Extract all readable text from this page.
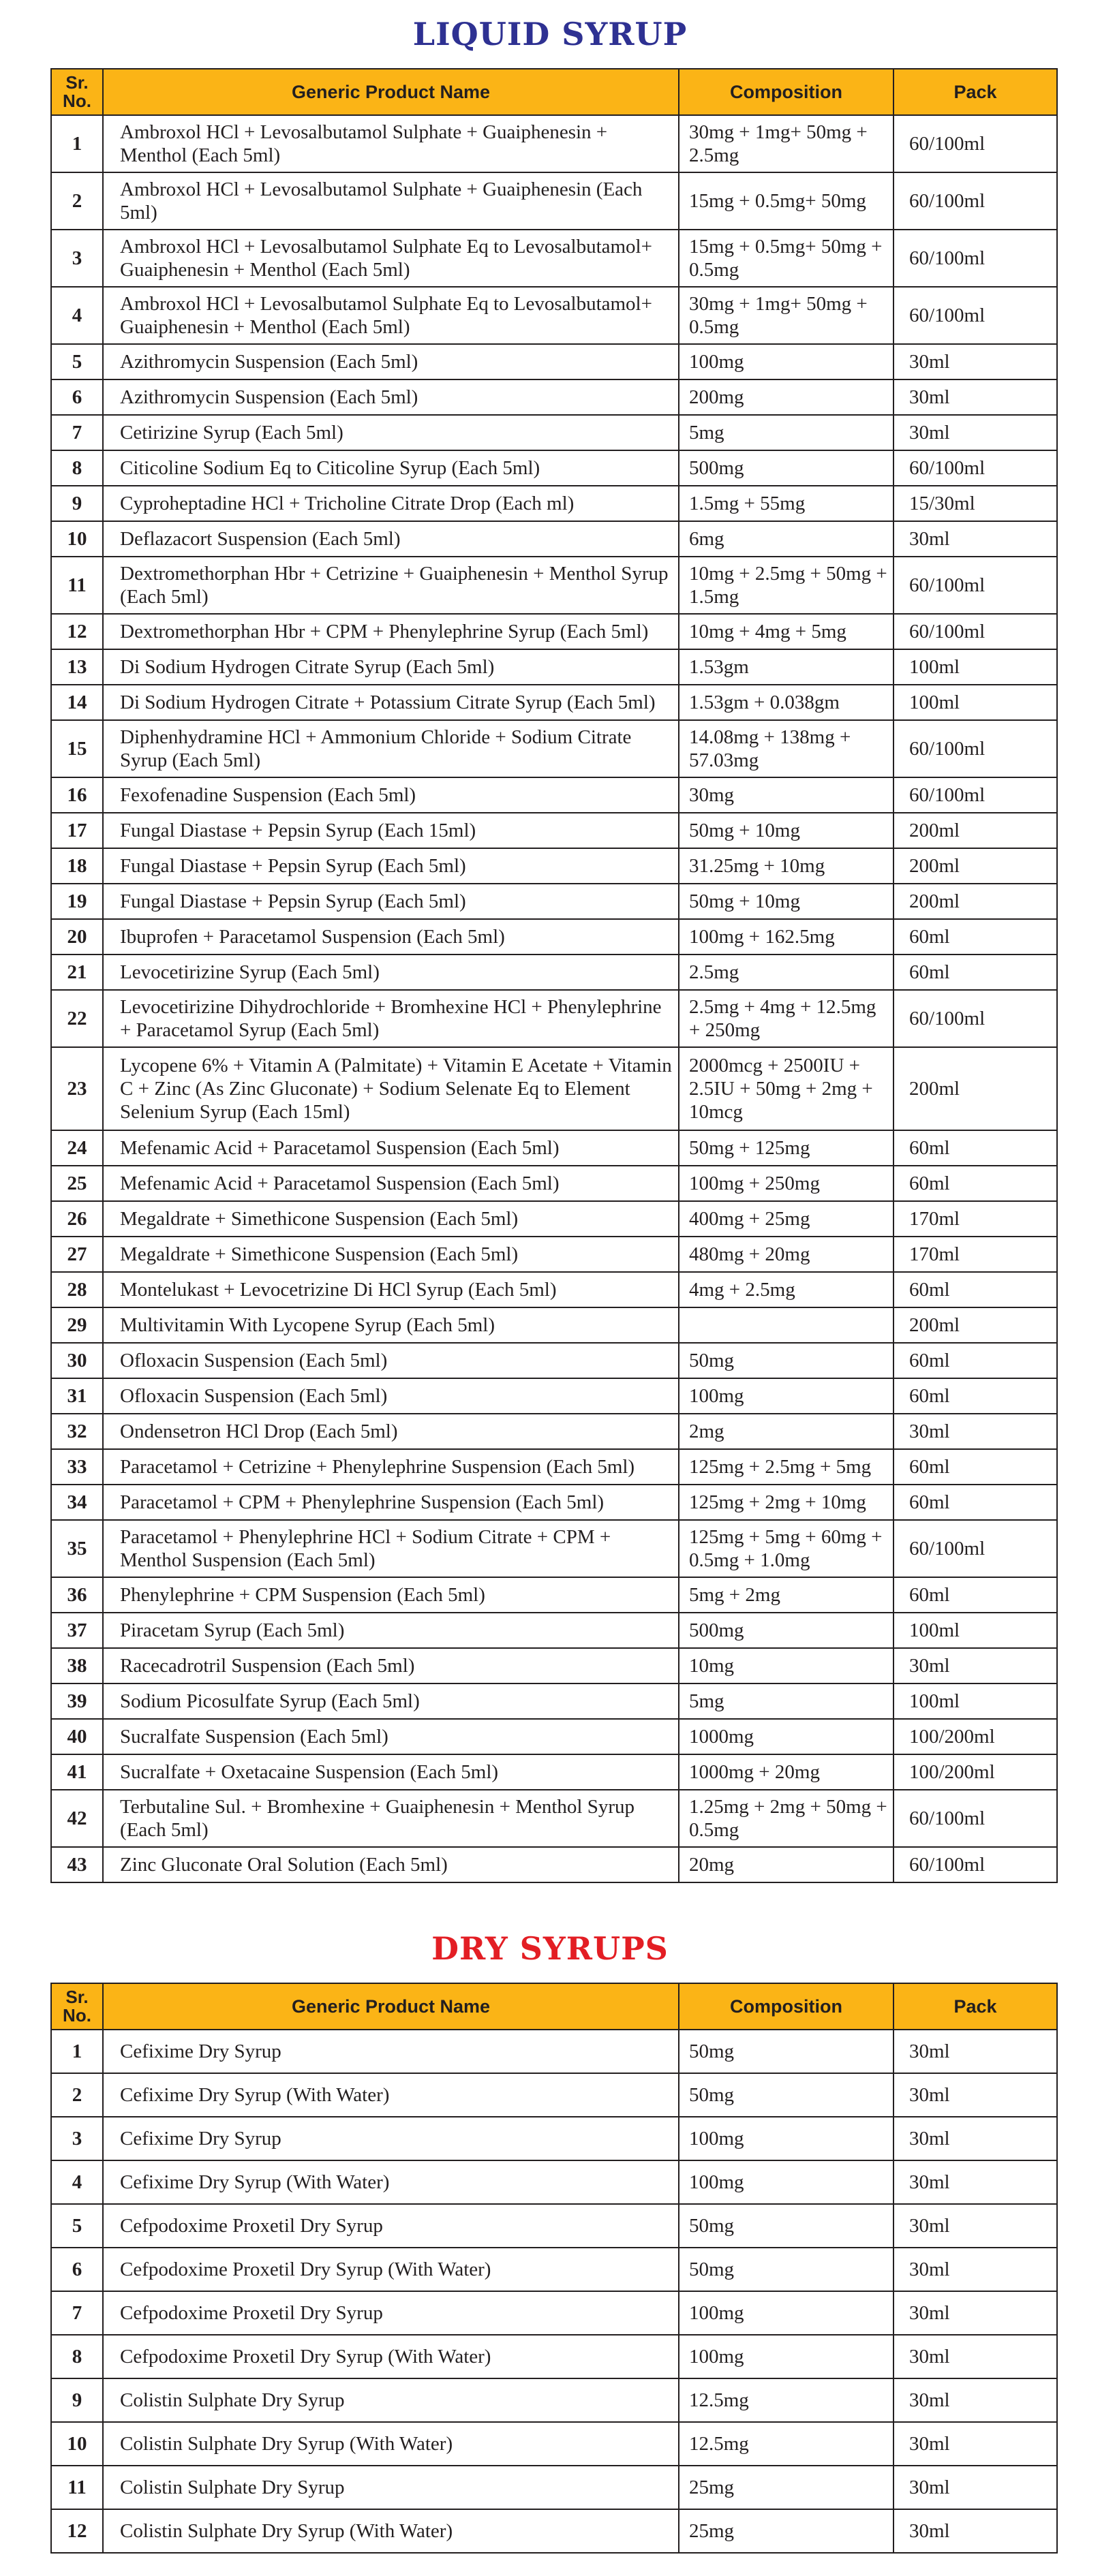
LIQUID SYRUP
Sr. No.	Generic Product Name	Composition	Pack
1	Ambroxol HCl + Levosalbutamol Sulphate + Guaiphenesin + Menthol (Each 5ml)	30mg + 1mg+ 50mg + 2.5mg	60/100ml
2	Ambroxol HCl + Levosalbutamol Sulphate + Guaiphenesin (Each 5ml)	15mg + 0.5mg+ 50mg	60/100ml
3	Ambroxol HCl + Levosalbutamol Sulphate Eq to Levosalbutamol+ Guaiphenesin + Menthol (Each 5ml)	15mg + 0.5mg+ 50mg + 0.5mg	60/100ml
4	Ambroxol HCl + Levosalbutamol Sulphate Eq to Levosalbutamol+ Guaiphenesin + Menthol (Each 5ml)	30mg + 1mg+ 50mg + 0.5mg	60/100ml
5	Azithromycin Suspension (Each 5ml)	100mg	30ml
6	Azithromycin Suspension (Each 5ml)	200mg	30ml
7	Cetirizine Syrup (Each 5ml)	5mg	30ml
8	Citicoline Sodium Eq to Citicoline Syrup (Each 5ml)	500mg	60/100ml
9	Cyproheptadine HCl + Tricholine Citrate Drop (Each ml)	1.5mg + 55mg	15/30ml
10	Deflazacort Suspension (Each 5ml)	6mg	30ml
11	Dextromethorphan Hbr + Cetrizine + Guaiphenesin + Menthol Syrup (Each 5ml)	10mg + 2.5mg + 50mg + 1.5mg	60/100ml
12	Dextromethorphan Hbr + CPM + Phenylephrine Syrup (Each 5ml)	10mg + 4mg + 5mg	60/100ml
13	Di Sodium Hydrogen Citrate Syrup (Each 5ml)	1.53gm	100ml
14	Di Sodium Hydrogen Citrate + Potassium Citrate Syrup (Each 5ml)	1.53gm + 0.038gm	100ml
15	Diphenhydramine HCl + Ammonium Chloride + Sodium Citrate Syrup (Each 5ml)	14.08mg + 138mg + 57.03mg	60/100ml
16	Fexofenadine Suspension (Each 5ml)	30mg	60/100ml
17	Fungal Diastase + Pepsin Syrup (Each 15ml)	50mg + 10mg	200ml
18	Fungal Diastase + Pepsin Syrup (Each 5ml)	31.25mg + 10mg	200ml
19	Fungal Diastase + Pepsin Syrup (Each 5ml)	50mg + 10mg	200ml
20	Ibuprofen + Paracetamol Suspension (Each 5ml)	100mg + 162.5mg	60ml
21	Levocetirizine Syrup (Each 5ml)	2.5mg	60ml
22	Levocetirizine Dihydrochloride + Bromhexine HCl + Phenylephrine + Paracetamol Syrup (Each 5ml)	2.5mg + 4mg + 12.5mg + 250mg	60/100ml
23	Lycopene 6% + Vitamin A (Palmitate) + Vitamin E Acetate + Vitamin C + Zinc (As Zinc Gluconate) + Sodium Selenate Eq to Element Selenium Syrup (Each 15ml)	2000mcg + 2500IU + 2.5IU + 50mg + 2mg + 10mcg	200ml
24	Mefenamic Acid + Paracetamol Suspension (Each 5ml)	50mg + 125mg	60ml
25	Mefenamic Acid + Paracetamol Suspension (Each 5ml)	100mg + 250mg	60ml
26	Megaldrate + Simethicone Suspension (Each 5ml)	400mg + 25mg	170ml
27	Megaldrate + Simethicone Suspension (Each 5ml)	480mg + 20mg	170ml
28	Montelukast + Levocetrizine Di HCl Syrup (Each 5ml)	4mg + 2.5mg	60ml
29	Multivitamin With Lycopene Syrup (Each 5ml)		200ml
30	Ofloxacin Suspension (Each 5ml)	50mg	60ml
31	Ofloxacin Suspension (Each 5ml)	100mg	60ml
32	Ondensetron HCl Drop (Each 5ml)	2mg	30ml
33	Paracetamol + Cetrizine + Phenylephrine Suspension (Each 5ml)	125mg + 2.5mg + 5mg	60ml
34	Paracetamol + CPM + Phenylephrine Suspension (Each 5ml)	125mg + 2mg + 10mg	60ml
35	Paracetamol + Phenylephrine HCl + Sodium Citrate + CPM + Menthol Suspension (Each 5ml)	125mg + 5mg + 60mg + 0.5mg + 1.0mg	60/100ml
36	Phenylephrine + CPM Suspension (Each 5ml)	5mg + 2mg	60ml
37	Piracetam Syrup (Each 5ml)	500mg	100ml
38	Racecadrotril Suspension (Each 5ml)	10mg	30ml
39	Sodium Picosulfate Syrup (Each 5ml)	5mg	100ml
40	Sucralfate Suspension (Each 5ml)	1000mg	100/200ml
41	Sucralfate + Oxetacaine Suspension (Each 5ml)	1000mg + 20mg	100/200ml
42	Terbutaline Sul. + Bromhexine + Guaiphenesin + Menthol Syrup (Each 5ml)	1.25mg + 2mg + 50mg + 0.5mg	60/100ml
43	Zinc Gluconate Oral Solution (Each 5ml)	20mg	60/100ml
DRY SYRUPS
Sr. No.	Generic Product Name	Composition	Pack
1	Cefixime Dry Syrup	50mg	30ml
2	Cefixime Dry Syrup (With Water)	50mg	30ml
3	Cefixime Dry Syrup	100mg	30ml
4	Cefixime Dry Syrup (With Water)	100mg	30ml
5	Cefpodoxime Proxetil Dry Syrup	50mg	30ml
6	Cefpodoxime Proxetil Dry Syrup (With Water)	50mg	30ml
7	Cefpodoxime Proxetil Dry Syrup	100mg	30ml
8	Cefpodoxime Proxetil Dry Syrup (With Water)	100mg	30ml
9	Colistin Sulphate Dry Syrup	12.5mg	30ml
10	Colistin Sulphate Dry Syrup (With Water)	12.5mg	30ml
11	Colistin Sulphate Dry Syrup	25mg	30ml
12	Colistin Sulphate Dry Syrup (With Water)	25mg	30ml
